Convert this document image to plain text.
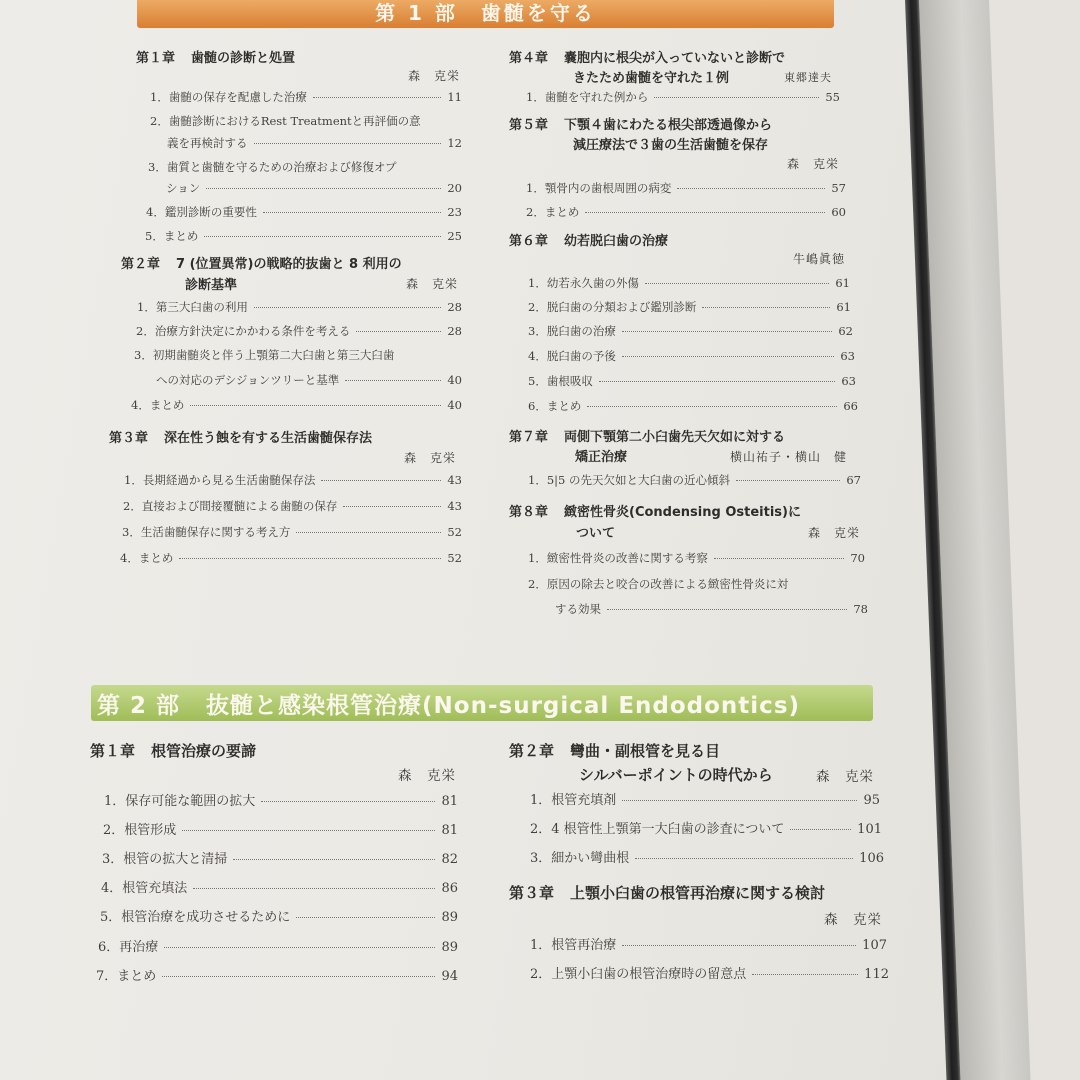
第 1 部　歯髄を守る
第１章 歯髄の診断と処置
森　克栄
1．歯髄の保存を配慮した治療	11
2．歯髄診断におけるRest Treatmentと再評価の意
義を再検討する	12
3．歯質と歯髄を守るための治療および修復オプ
ション	20
4．鑑別診断の重要性	23
5．まとめ	25
第２章 7 (位置異常)の戦略的抜歯と 8 利用の
診断基準	森　克栄
1．第三大臼歯の利用	28
2．治療方針決定にかかわる条件を考える	28
3．初期歯髄炎と伴う上顎第二大臼歯と第三大臼歯
への対応のデシジョンツリーと基準	40
4．まとめ	40
第３章 深在性う蝕を有する生活歯髄保存法
森　克栄
1．長期経過から見る生活歯髄保存法	43
2．直接および間接覆髄による歯髄の保存	43
3．生活歯髄保存に関する考え方	52
4．まとめ	52
第４章 嚢胞内に根尖が入っていないと診断で
きたため歯髄を守れた１例	東郷達夫
1．歯髄を守れた例から	55
第５章 下顎４歯にわたる根尖部透過像から
減圧療法で３歯の生活歯髄を保存
森　克栄
1．顎骨内の歯根周囲の病変	57
2．まとめ	60
第６章 幼若脱臼歯の治療
牛嶋眞徳
1．幼若永久歯の外傷	61
2．脱臼歯の分類および鑑別診断	61
3．脱臼歯の治療	62
4．脱臼歯の予後	63
5．歯根吸収	63
6．まとめ	66
第７章 両側下顎第二小臼歯先天欠如に対する
矯正治療	横山祐子・横山　健
1．5|5 の先天欠如と大臼歯の近心傾斜	67
第８章 緻密性骨炎(Condensing Osteitis)に
ついて	森　克栄
1．緻密性骨炎の改善に関する考察	70
2．原因の除去と咬合の改善による緻密性骨炎に対
する効果	78
第 2 部 抜髄と感染根管治療(Non-surgical Endodontics)
第１章 根管治療の要諦
森　克栄
1．保存可能な範囲の拡大	81
2．根管形成	81
3．根管の拡大と清掃	82
4．根管充填法	86
5．根管治療を成功させるために	89
6．再治療	89
7．まとめ	94
第２章 彎曲・副根管を見る目
シルバーポイントの時代から	森　克栄
1．根管充填剤	95
2．4 根管性上顎第一大臼歯の診査について	101
3．細かい彎曲根	106
第３章 上顎小臼歯の根管再治療に関する検討
森　克栄
1．根管再治療	107
2．上顎小臼歯の根管治療時の留意点	112
